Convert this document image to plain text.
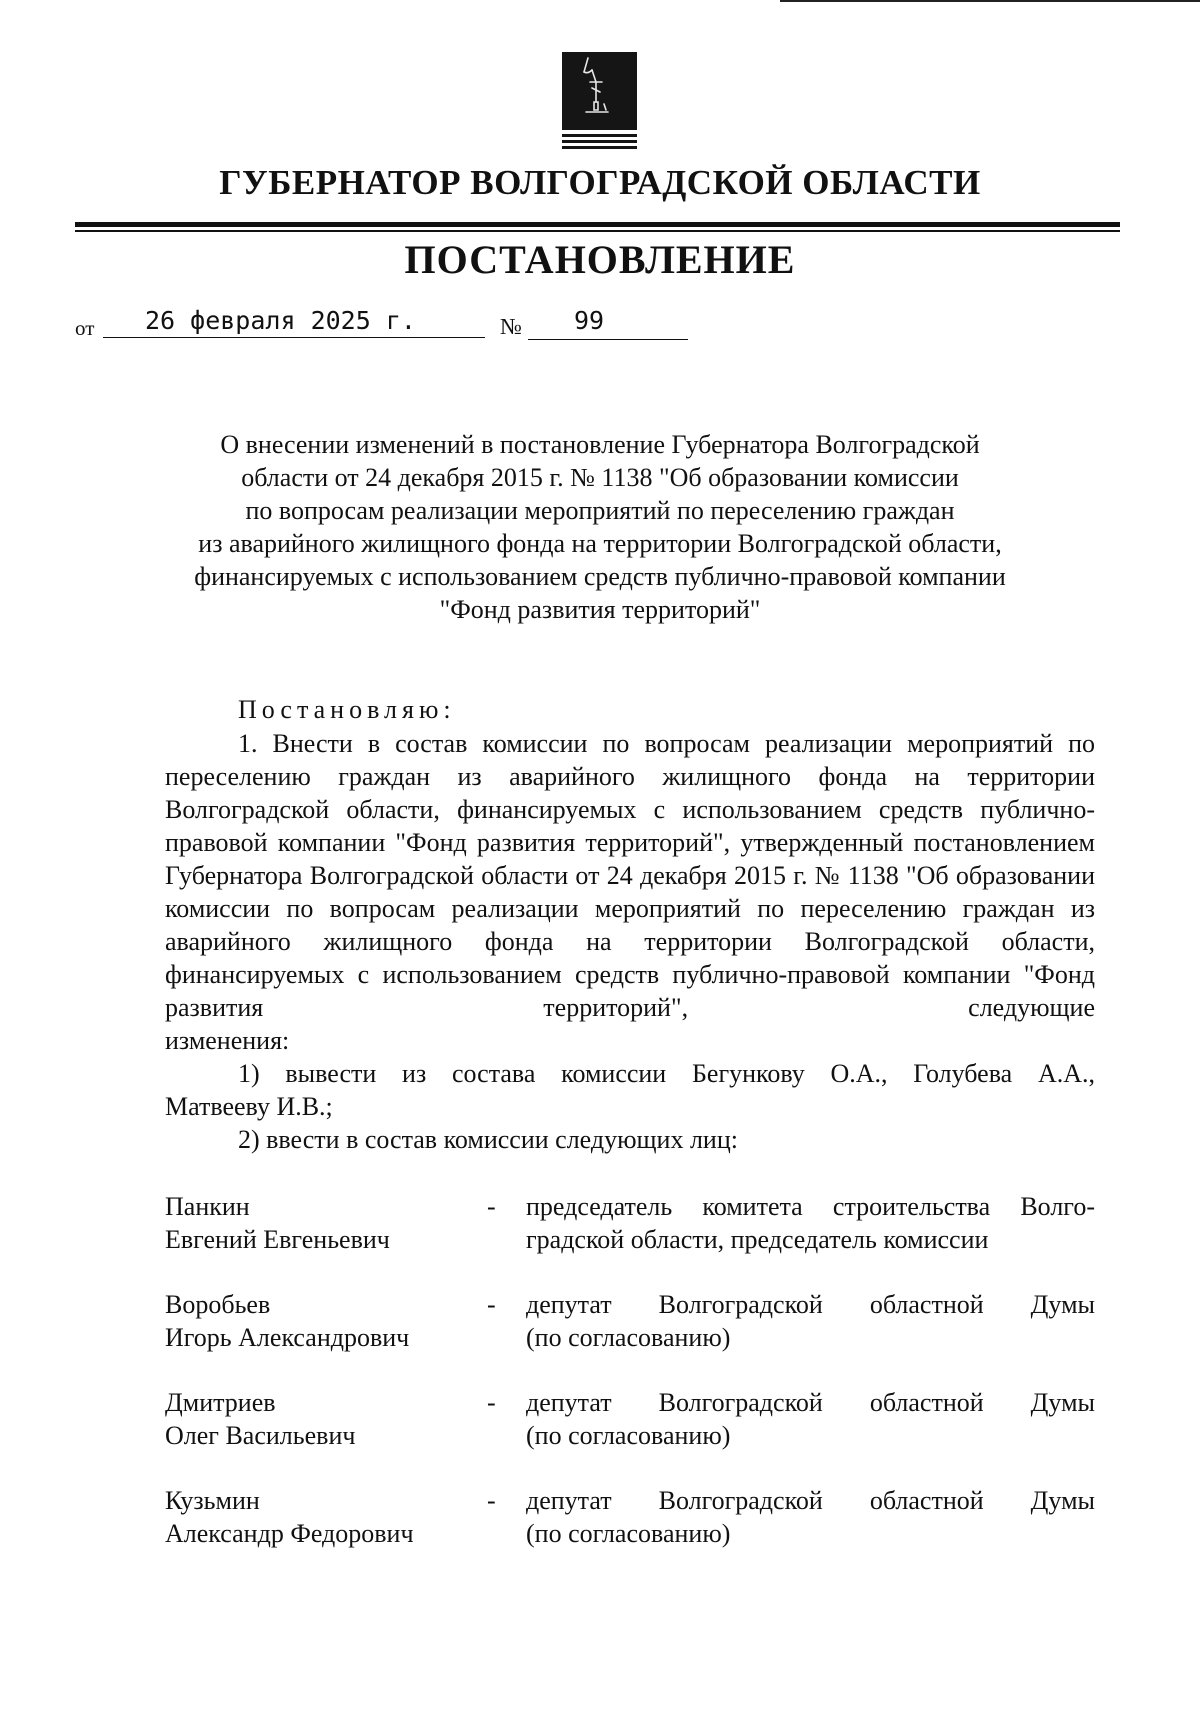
ГУБЕРНАТОР ВОЛГОГРАДСКОЙ ОБЛАСТИ
ПОСТАНОВЛЕНИЕ
от 26 февраля 2025 г.	№ 99
О внесении изменений в постановление Губернатора Волгоградской
области от 24 декабря 2015 г. № 1138 "Об образовании комиссии
по вопросам реализации мероприятий по переселению граждан
из аварийного жилищного фонда на территории Волгоградской области,
финансируемых с использованием средств публично-правовой компании
"Фонд развития территорий"
Постановляю:
1. Внести в состав комиссии по вопросам реализации мероприятий по переселению граждан из аварийного жилищного фонда на территории Волгоградской области, финансируемых с использованием средств публично-правовой компании "Фонд развития территорий", утвержденный постановлением Губернатора Волгоградской области от 24 декабря 2015 г. № 1138 "Об образовании комиссии по вопросам реализации мероприятий по переселению граждан из аварийного жилищного фонда на территории Волгоградской области, финансируемых с использованием средств публично-правовой компании "Фонд развития территорий", следующие
изменения:
1) вывести из состава комиссии Бегункову О.А., Голубева А.А.,
Матвееву И.В.;
2) ввести в состав комиссии следующих лиц:
Панкин
Евгений Евгеньевич
- председатель комитета строительства Волго-
градской области, председатель комиссии
Воробьев
Игорь Александрович
- депутат Волгоградской областной Думы
(по согласованию)
Дмитриев
Олег Васильевич
- депутат Волгоградской областной Думы
(по согласованию)
Кузьмин
Александр Федорович
- депутат Волгоградской областной Думы
(по согласованию)
